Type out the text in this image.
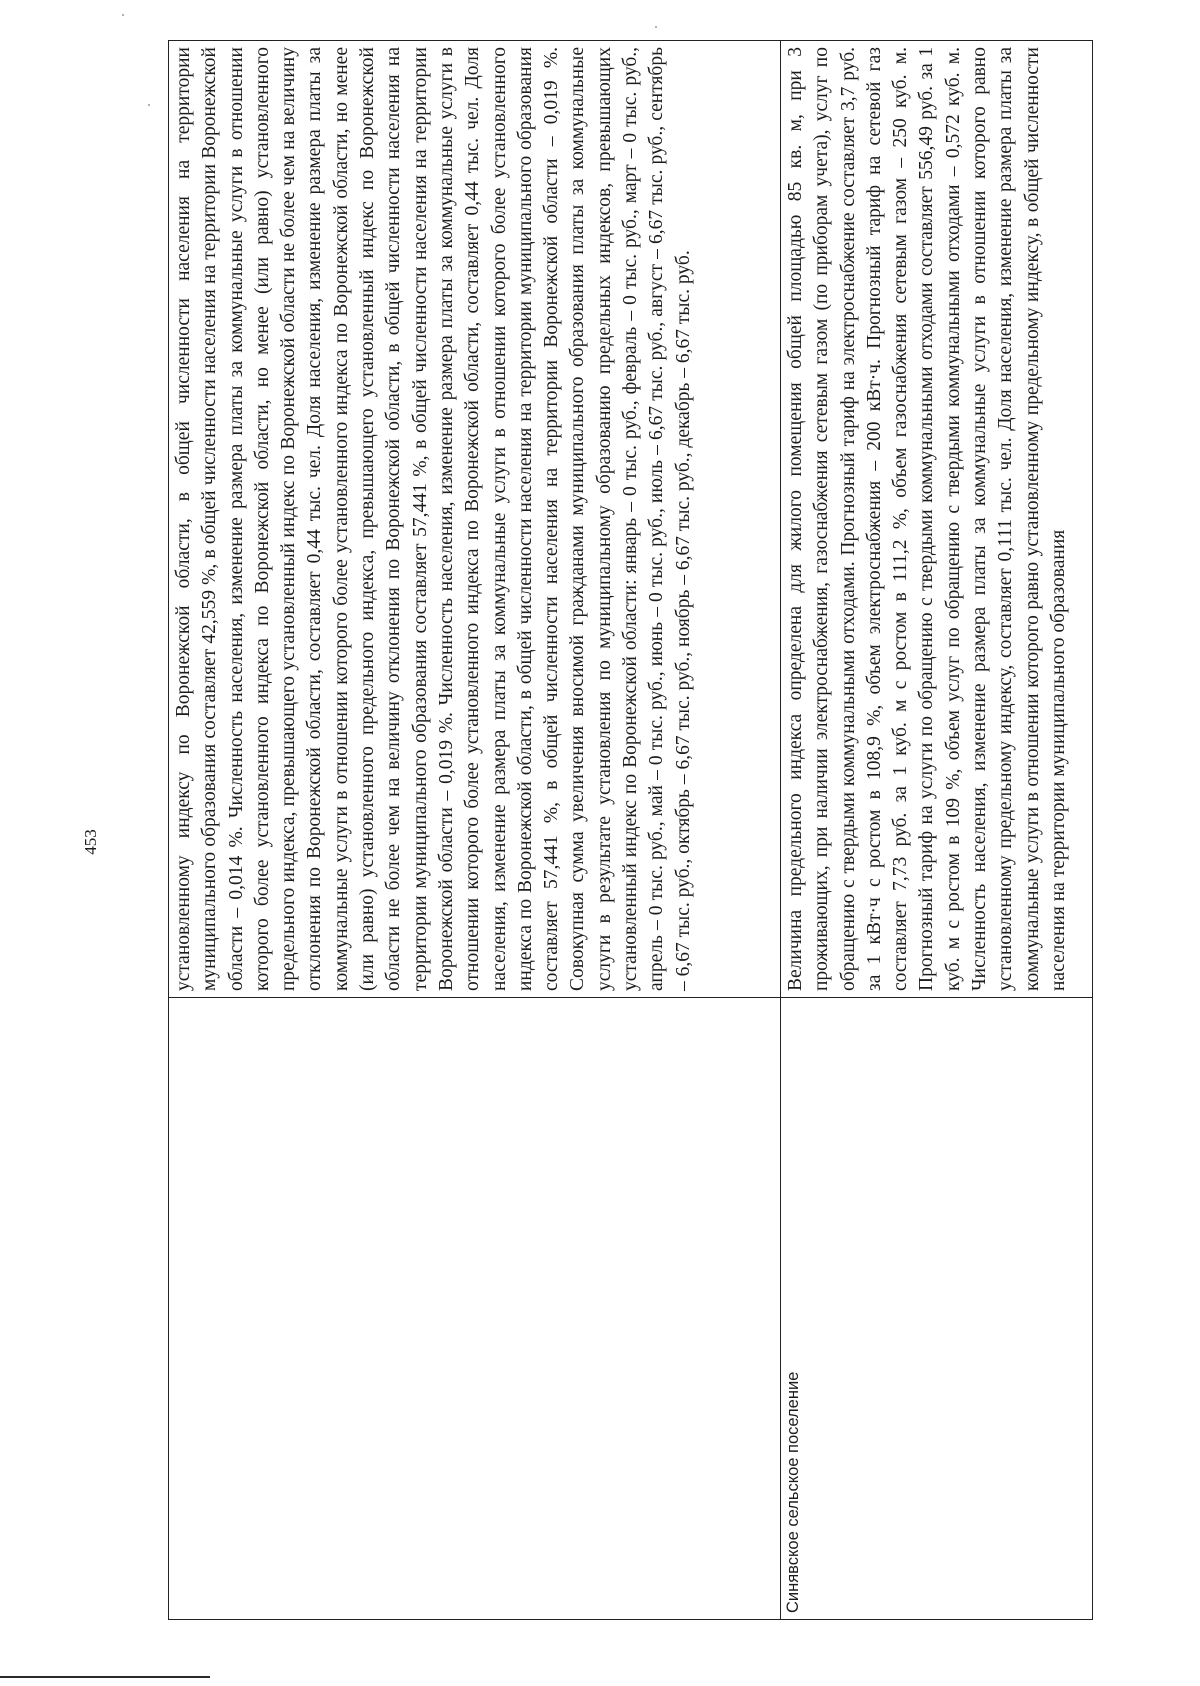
453	установленному индексу по Воронежской области, в общей численности населения на территории муниципального образования составляет 42,559 %, в общей численности населения на территории Воронежской области – 0,014 %. Численность населения, изменение размера платы за коммунальные услуги в отношении которого более установленного индекса по Воронежской области, но менее (или равно) установленного предельного индекса, превышающего установленный индекс по Воронежской области не более чем на величину отклонения по Воронежской области, составляет 0,44 тыс. чел. Доля населения, изменение размера платы за коммунальные услуги в отношении которого более установленного индекса по Воронежской области, но менее (или равно) установленного предельного индекса, превышающего установленный индекс по Воронежской области не более чем на величину отклонения по Воронежской области, в общей численности населения на территории муниципального образования составляет 57,441 %, в общей численности населения на территории Воронежской области – 0,019 %. Численность населения, изменение размера платы за коммунальные услуги в отношении которого более установленного индекса по Воронежской области, составляет 0,44 тыс. чел. Доля населения, изменение размера платы за коммунальные услуги в отношении которого более установленного индекса по Воронежской области, в общей численности населения на территории муниципального образования составляет 57,441 %, в общей численности населения на территории Воронежской области – 0,019 %. Совокупная сумма увеличения вносимой гражданами муниципального образования платы за коммунальные услуги в результате установления по муниципальному образованию предельных индексов, превышающих установленный индекс по Воронежской области: январь – 0 тыс. руб., февраль – 0 тыс. руб., март – 0 тыс. руб., апрель – 0 тыс. руб., май – 0 тыс. руб., июнь – 0 тыс. руб., июль – 6,67 тыс. руб., август – 6,67 тыс. руб., сентябрь – 6,67 тыс. руб., октябрь – 6,67 тыс. руб., ноябрь – 6,67 тыс. руб., декабрь – 6,67 тыс. руб.
Синявское сельское поселение
Величина предельного индекса определена для жилого помещения общей площадью 85 кв. м, при 3 проживающих, при наличии электроснабжения, газоснабжения сетевым газом (по приборам учета), услуг по обращению с твердыми коммунальными отходами. Прогнозный тариф на электроснабжение составляет 3,7 руб. за 1 кВт·ч с ростом в 108,9 %, объем электроснабжения – 200 кВт·ч. Прогнозный тариф на сетевой газ составляет 7,73 руб. за 1 куб. м с ростом в 111,2 %, объем газоснабжения сетевым газом – 250 куб. м. Прогнозный тариф на услуги по обращению с твердыми коммунальными отходами составляет 556,49 руб. за 1 куб. м с ростом в 109 %, объем услуг по обращению с твердыми коммунальными отходами – 0,572 куб. м. Численность населения, изменение размера платы за коммунальные услуги в отношении которого равно установленному предельному индексу, составляет 0,111 тыс. чел. Доля населения, изменение размера платы за коммунальные услуги в отношении которого равно установленному предельному индексу, в общей численности населения на территории муниципального образования
